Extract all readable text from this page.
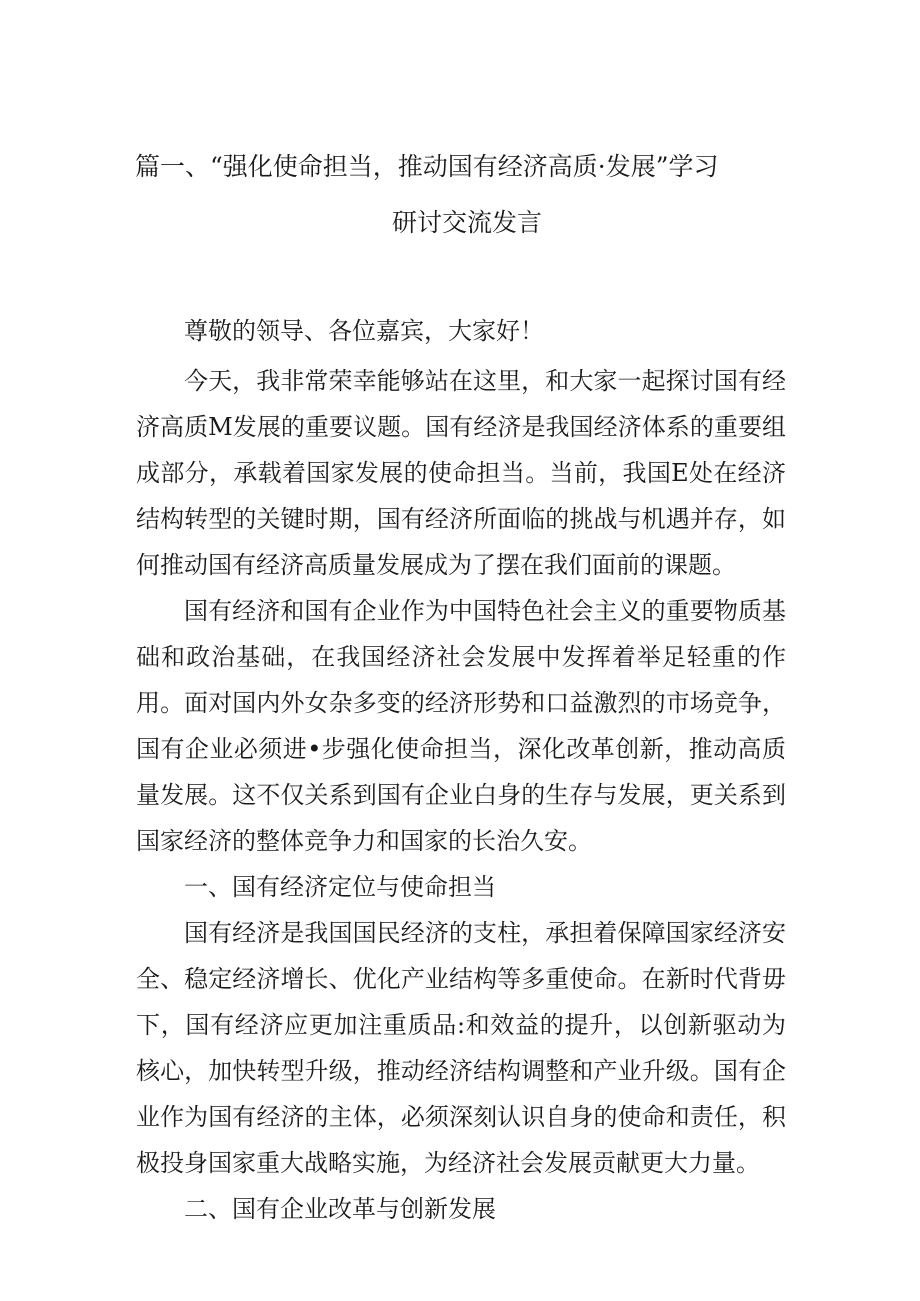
篇一、“强化使命担当，推动国有经济高质·发展”学习
研讨交流发言

尊敬的领导、各位嘉宾，大家好！

今天，我非常荣幸能够站在这里，和大家一起探讨国有经济高质M发展的重要议题。国有经济是我国经济体系的重要组成部分，承载着国家发展的使命担当。当前，我国E处在经济结构转型的关键时期，国有经济所面临的挑战与机遇并存，如何推动国有经济高质量发展成为了摆在我们面前的课题。

国有经济和国有企业作为中国特色社会主义的重要物质基础和政治基础，在我国经济社会发展中发挥着举足轻重的作用。面对国内外女杂多变的经济形势和口益激烈的市场竞争，国有企业必须进•步强化使命担当，深化改革创新，推动高质量发展。这不仅关系到国有企业白身的生存与发展，更关系到国家经济的整体竞争力和国家的长治久安。

一、国有经济定位与使命担当

国有经济是我国国民经济的支柱，承担着保障国家经济安全、稳定经济增长、优化产业结构等多重使命。在新时代背毋下，国有经济应更加注重质品:和效益的提升，以创新驱动为核心，加快转型升级，推动经济结构调整和产业升级。国有企业作为国有经济的主体，必须深刻认识自身的使命和责任，积极投身国家重大战略实施，为经济社会发展贡献更大力量。

二、国有企业改革与创新发展
